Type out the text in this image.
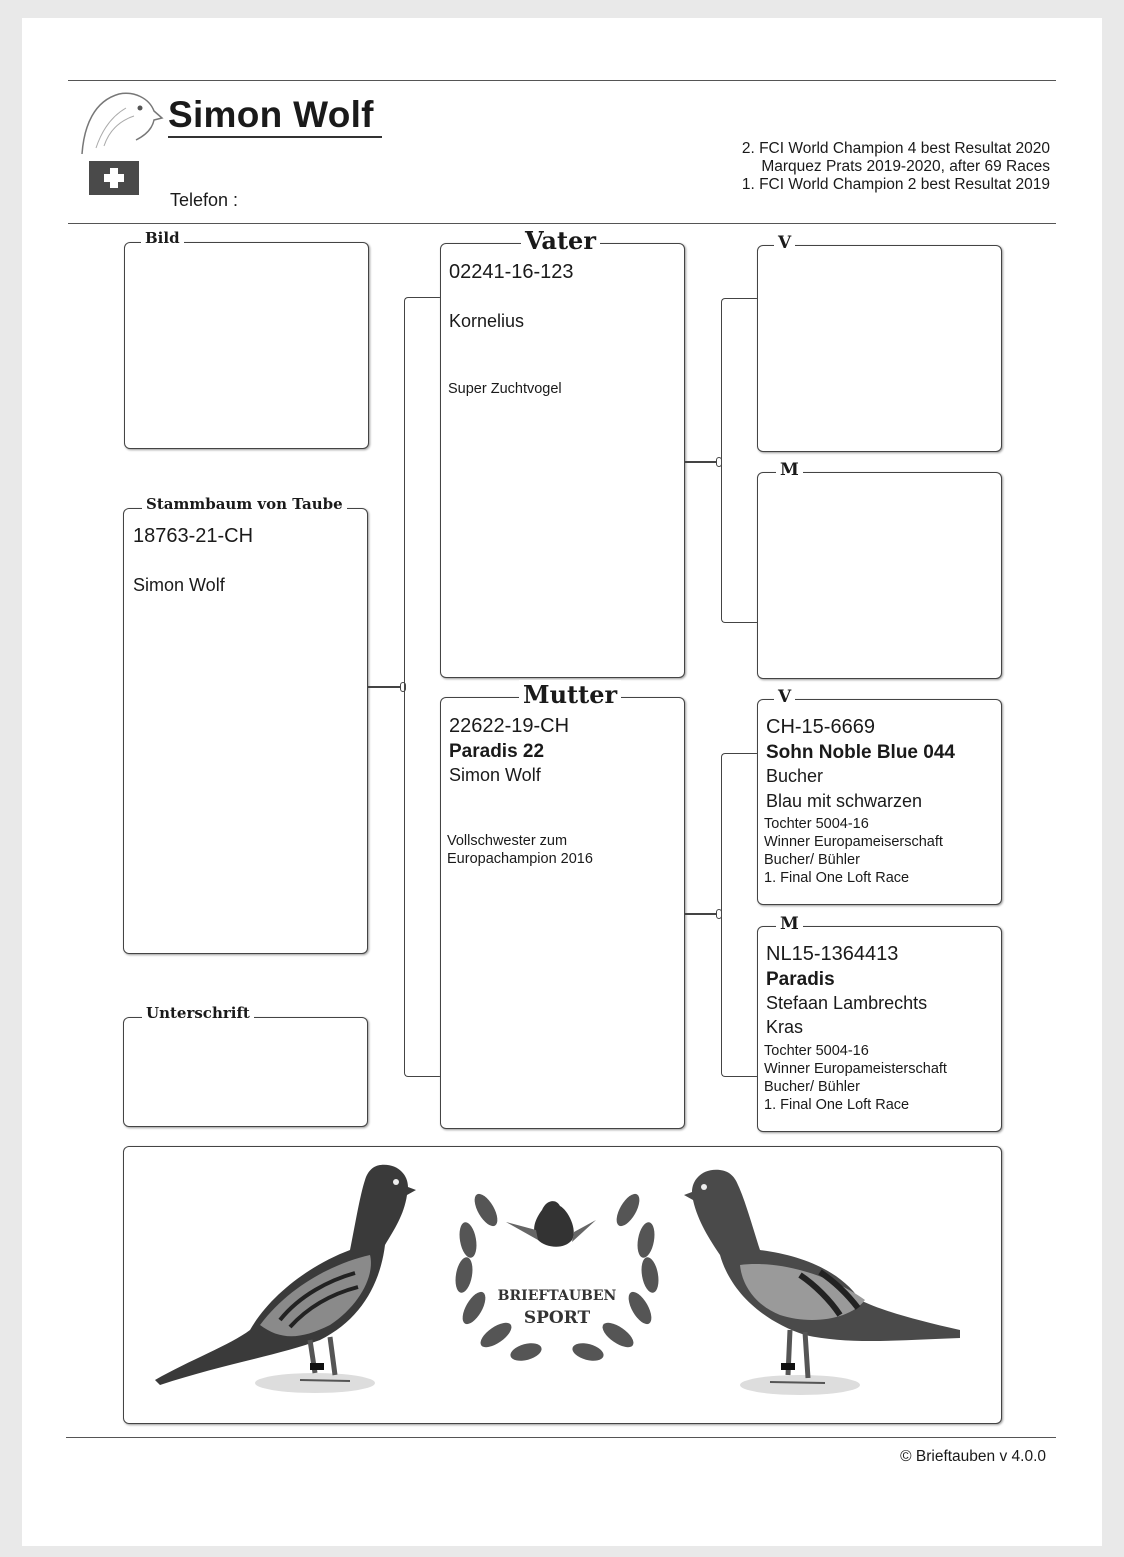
Simon Wolf
Telefon :
2. FCI World Champion 4 best Resultat 2020
Marquez Prats 2019-2020, after 69 Races
1. FCI World Champion 2 best Resultat 2019
Bild
Stammbaum von Taube
18763-21-CH
Simon Wolf
Unterschrift
Vater
02241-16-123
Kornelius
Super Zuchtvogel
Mutter
22622-19-CH
Paradis 22
Simon Wolf
Vollschwester zum
Europachampion 2016
V
M
V
CH-15-6669
Sohn Noble Blue 044
Bucher
Blau mit schwarzen
Tochter 5004-16
Winner Europameiserschaft
Bucher/ Bühler
1. Final One Loft Race
M
NL15-1364413
Paradis
Stefaan Lambrechts
Kras
Tochter 5004-16
Winner Europameisterschaft
Bucher/ Bühler
1. Final One Loft Race
BRIEFTAUBEN
SPORT
© Brieftauben v 4.0.0
